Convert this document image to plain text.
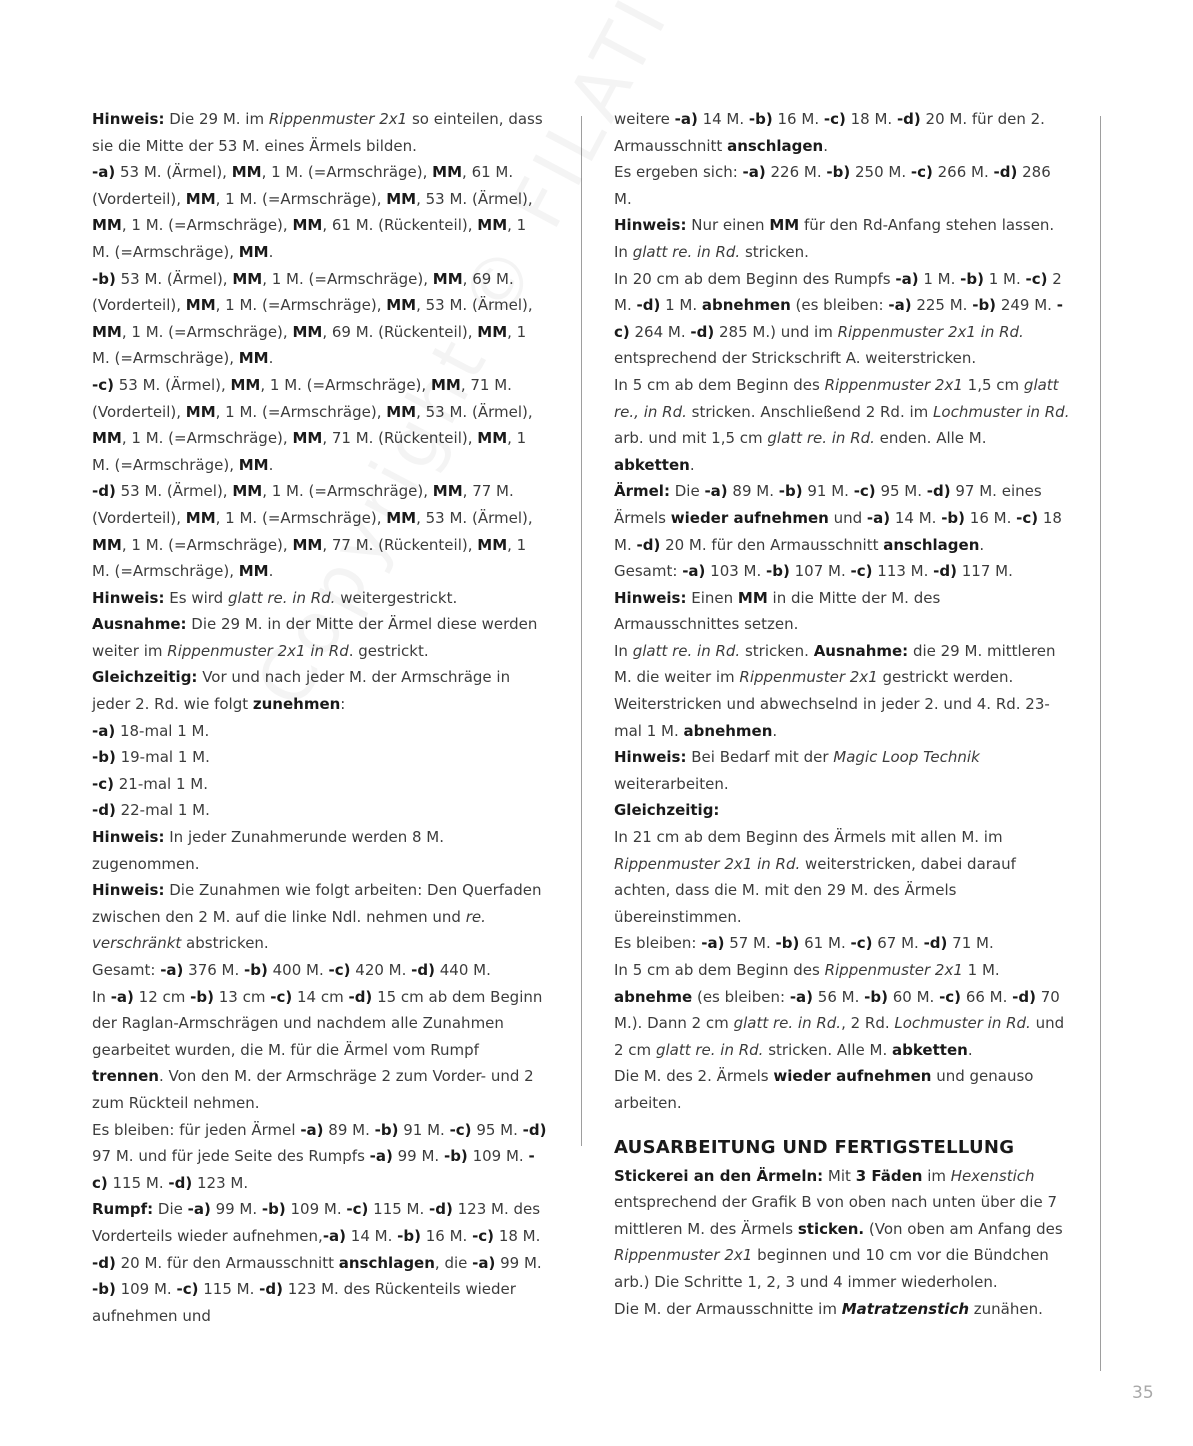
Hinweis: Die 29 M. im Rippenmuster 2x1 so einteilen, dass sie die Mitte der 53 M. eines Ärmels bilden.

-a) 53 M. (Ärmel), MM, 1 M. (=Armschräge), MM, 61 M. (Vorderteil), MM, 1 M. (=Armschräge), MM, 53 M. (Ärmel), MM, 1 M. (=Armschräge), MM, 61 M. (Rückenteil), MM, 1 M. (=Armschräge), MM.

-b) 53 M. (Ärmel), MM, 1 M. (=Armschräge), MM, 69 M. (Vorderteil), MM, 1 M. (=Armschräge), MM, 53 M. (Ärmel), MM, 1 M. (=Armschräge), MM, 69 M. (Rückenteil), MM, 1 M. (=Armschräge), MM.

-c) 53 M. (Ärmel), MM, 1 M. (=Armschräge), MM, 71 M. (Vorderteil), MM, 1 M. (=Armschräge), MM, 53 M. (Ärmel), MM, 1 M. (=Armschräge), MM, 71 M. (Rückenteil), MM, 1 M. (=Armschräge), MM.

-d) 53 M. (Ärmel), MM, 1 M. (=Armschräge), MM, 77 M. (Vorderteil), MM, 1 M. (=Armschräge), MM, 53 M. (Ärmel), MM, 1 M. (=Armschräge), MM, 77 M. (Rückenteil), MM, 1 M. (=Armschräge), MM.

Hinweis: Es wird glatt re. in Rd. weitergestrickt. Ausnahme: Die 29 M. in der Mitte der Ärmel diese werden weiter im Rippenmuster 2x1 in Rd. gestrickt.

Gleichzeitig: Vor und nach jeder M. der Armschräge in jeder 2. Rd. wie folgt zunehmen:

-a) 18-mal 1 M.

-b) 19-mal 1 M.

-c) 21-mal 1 M.

-d) 22-mal 1 M.

Hinweis: In jeder Zunahmerunde werden 8 M. zugenommen.

Hinweis: Die Zunahmen wie folgt arbeiten: Den Querfaden zwischen den 2 M. auf die linke Ndl. nehmen und re. verschränkt abstricken.

Gesamt: -a) 376 M. -b) 400 M. -c) 420 M. -d) 440 M.

In -a) 12 cm -b) 13 cm -c) 14 cm -d) 15 cm ab dem Beginn der Raglan-Armschrägen und nachdem alle Zunahmen gearbeitet wurden, die M. für die Ärmel vom Rumpf trennen. Von den M. der Armschräge 2 zum Vorder- und 2 zum Rückteil nehmen.

Es bleiben: für jeden Ärmel -a) 89 M. -b) 91 M. -c) 95 M. -d) 97 M. und für jede Seite des Rumpfs -a) 99 M. -b) 109 M. -c) 115 M. -d) 123 M.

Rumpf: Die -a) 99 M. -b) 109 M. -c) 115 M. -d) 123 M. des Vorderteils wieder aufnehmen,-a) 14 M. -b) 16 M. -c) 18 M. -d) 20 M. für den Armausschnitt anschlagen, die -a) 99 M. -b) 109 M. -c) 115 M. -d) 123 M. des Rückenteils wieder aufnehmen und

weitere -a) 14 M. -b) 16 M. -c) 18 M. -d) 20 M. für den 2. Armausschnitt anschlagen.

Es ergeben sich: -a) 226 M. -b) 250 M. -c) 266 M. -d) 286 M.

Hinweis: Nur einen MM für den Rd-Anfang stehen lassen.

In glatt re. in Rd. stricken.

In 20 cm ab dem Beginn des Rumpfs -a) 1 M. -b) 1 M. -c) 2 M. -d) 1 M. abnehmen (es bleiben: -a) 225 M. -b) 249 M. -c) 264 M. -d) 285 M.) und im Rippenmuster 2x1 in Rd. entsprechend der Strickschrift A. weiterstricken.

In 5 cm ab dem Beginn des Rippenmuster 2x1 1,5 cm glatt re., in Rd. stricken. Anschließend 2 Rd. im Lochmuster in Rd. arb. und mit 1,5 cm glatt re. in Rd. enden. Alle M. abketten.

Ärmel: Die -a) 89 M. -b) 91 M. -c) 95 M. -d) 97 M. eines Ärmels wieder aufnehmen und -a) 14 M. -b) 16 M. -c) 18 M. -d) 20 M. für den Armausschnitt anschlagen.

Gesamt: -a) 103 M. -b) 107 M. -c) 113 M. -d) 117 M.

Hinweis: Einen MM in die Mitte der M. des Armausschnittes setzen.

In glatt re. in Rd. stricken. Ausnahme: die 29 M. mittleren M. die weiter im Rippenmuster 2x1 gestrickt werden. Weiterstricken und abwechselnd in jeder 2. und 4. Rd. 23-mal 1 M. abnehmen.

Hinweis: Bei Bedarf mit der Magic Loop Technik weiterarbeiten.

Gleichzeitig:

In 21 cm ab dem Beginn des Ärmels mit allen M. im Rippenmuster 2x1 in Rd. weiterstricken, dabei darauf achten, dass die M. mit den 29 M. des Ärmels übereinstimmen.

Es bleiben: -a) 57 M. -b) 61 M. -c) 67 M. -d) 71 M.

In 5 cm ab dem Beginn des Rippenmuster 2x1 1 M. abnehme (es bleiben: -a) 56 M. -b) 60 M. -c) 66 M. -d) 70 M.). Dann 2 cm glatt re. in Rd., 2 Rd. Lochmuster in Rd. und 2 cm glatt re. in Rd. stricken. Alle M. abketten.

Die M. des 2. Ärmels wieder aufnehmen und genauso arbeiten.

AUSARBEITUNG UND FERTIGSTELLUNG

Stickerei an den Ärmeln: Mit 3 Fäden im Hexenstich entsprechend der Grafik B von oben nach unten über die 7 mittleren M. des Ärmels sticken. (Von oben am Anfang des Rippenmuster 2x1 beginnen und 10 cm vor die Bündchen arb.) Die Schritte 1, 2, 3 und 4 immer wiederholen.

Die M. der Armausschnitte im Matratzenstich zunähen.

35
